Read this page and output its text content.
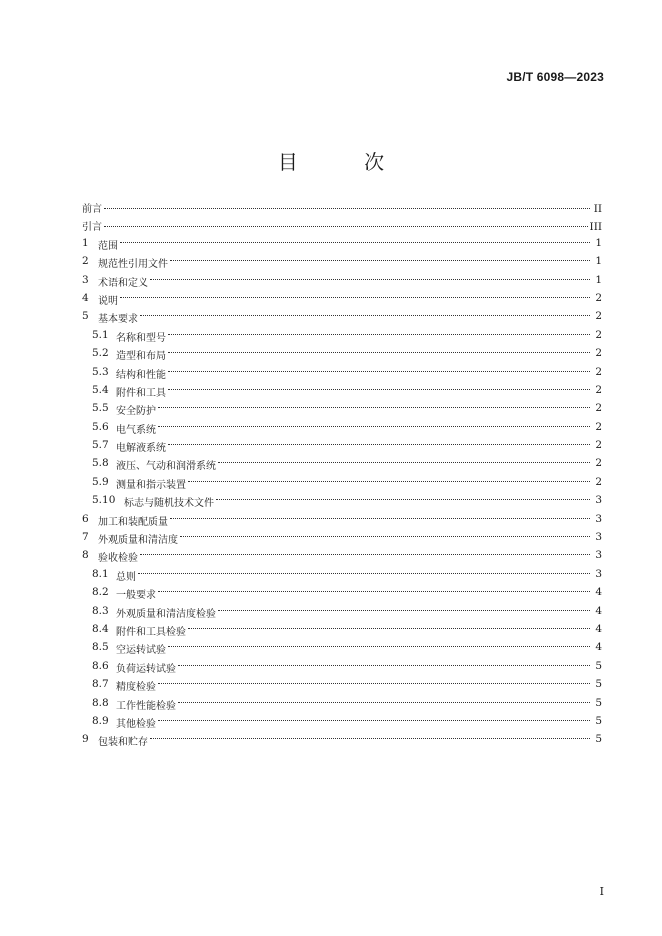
JB/T 6098—2023
目 次
前言	II
引言	III
1 范围	1
2 规范性引用文件	1
3 术语和定义	1
4 说明	2
5 基本要求	2
5.1 名称和型号	2
5.2 造型和布局	2
5.3 结构和性能	2
5.4 附件和工具	2
5.5 安全防护	2
5.6 电气系统	2
5.7 电解液系统	2
5.8 液压、气动和润滑系统	2
5.9 测量和指示装置	2
5.10 标志与随机技术文件	3
6 加工和装配质量	3
7 外观质量和清洁度	3
8 验收检验	3
8.1 总则	3
8.2 一般要求	4
8.3 外观质量和清洁度检验	4
8.4 附件和工具检验	4
8.5 空运转试验	4
8.6 负荷运转试验	5
8.7 精度检验	5
8.8 工作性能检验	5
8.9 其他检验	5
9 包装和贮存	5
I
